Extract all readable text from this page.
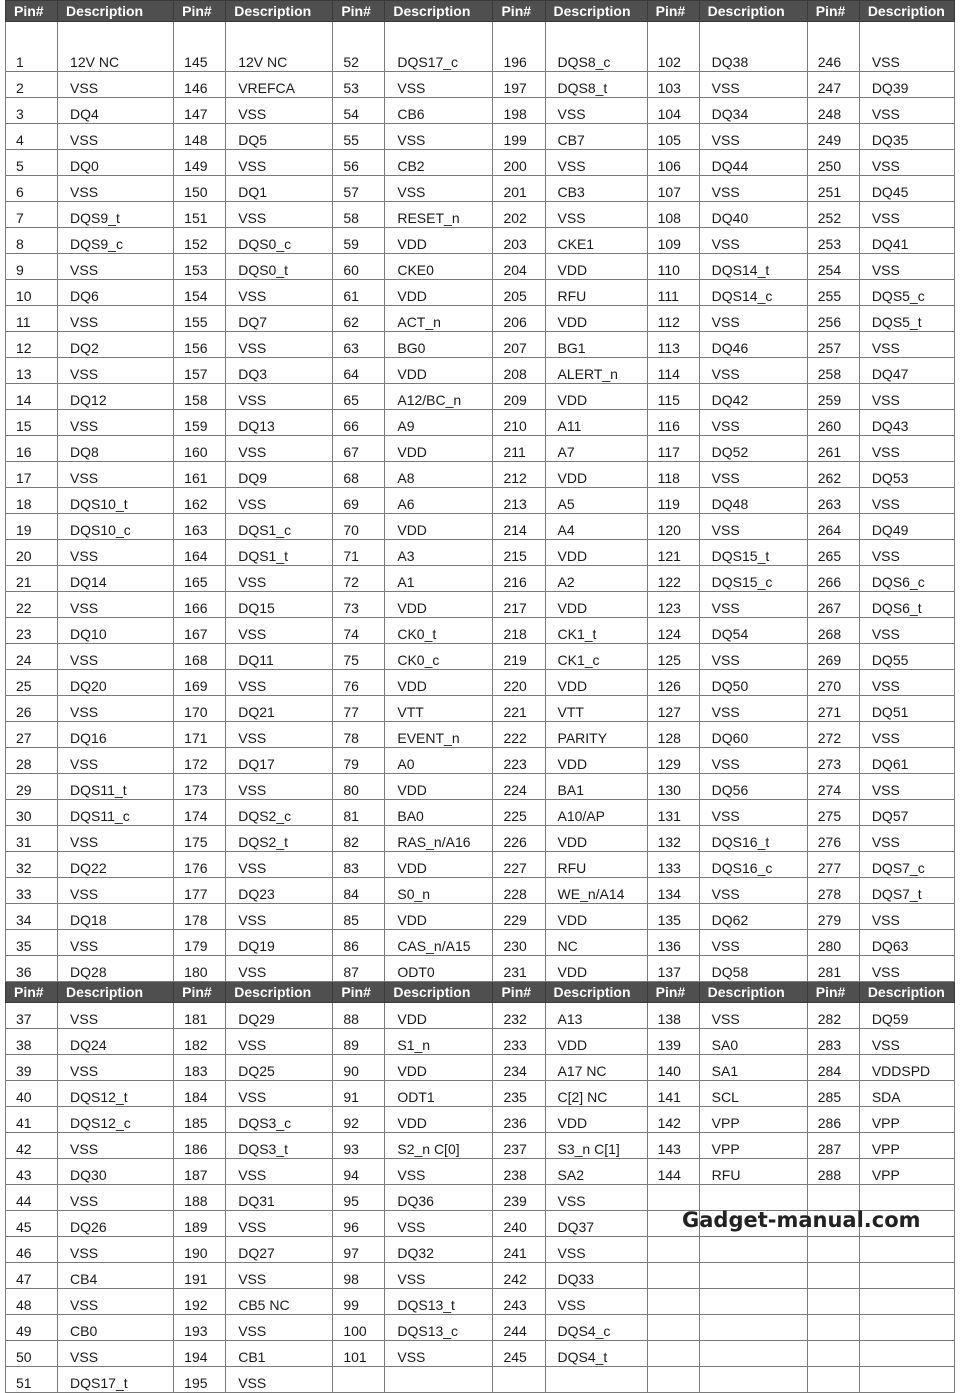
Pin#	Description	Pin#	Description	Pin#	Description	Pin#	Description	Pin#	Description	Pin#	Description
1	12V NC	145	12V NC	52	DQS17_c	196	DQS8_c	102	DQ38	246	VSS
2	VSS	146	VREFCA	53	VSS	197	DQS8_t	103	VSS	247	DQ39
3	DQ4	147	VSS	54	CB6	198	VSS	104	DQ34	248	VSS
4	VSS	148	DQ5	55	VSS	199	CB7	105	VSS	249	DQ35
5	DQ0	149	VSS	56	CB2	200	VSS	106	DQ44	250	VSS
6	VSS	150	DQ1	57	VSS	201	CB3	107	VSS	251	DQ45
7	DQS9_t	151	VSS	58	RESET_n	202	VSS	108	DQ40	252	VSS
8	DQS9_c	152	DQS0_c	59	VDD	203	CKE1	109	VSS	253	DQ41
9	VSS	153	DQS0_t	60	CKE0	204	VDD	110	DQS14_t	254	VSS
10	DQ6	154	VSS	61	VDD	205	RFU	111	DQS14_c	255	DQS5_c
11	VSS	155	DQ7	62	ACT_n	206	VDD	112	VSS	256	DQS5_t
12	DQ2	156	VSS	63	BG0	207	BG1	113	DQ46	257	VSS
13	VSS	157	DQ3	64	VDD	208	ALERT_n	114	VSS	258	DQ47
14	DQ12	158	VSS	65	A12/BC_n	209	VDD	115	DQ42	259	VSS
15	VSS	159	DQ13	66	A9	210	A11	116	VSS	260	DQ43
16	DQ8	160	VSS	67	VDD	211	A7	117	DQ52	261	VSS
17	VSS	161	DQ9	68	A8	212	VDD	118	VSS	262	DQ53
18	DQS10_t	162	VSS	69	A6	213	A5	119	DQ48	263	VSS
19	DQS10_c	163	DQS1_c	70	VDD	214	A4	120	VSS	264	DQ49
20	VSS	164	DQS1_t	71	A3	215	VDD	121	DQS15_t	265	VSS
21	DQ14	165	VSS	72	A1	216	A2	122	DQS15_c	266	DQS6_c
22	VSS	166	DQ15	73	VDD	217	VDD	123	VSS	267	DQS6_t
23	DQ10	167	VSS	74	CK0_t	218	CK1_t	124	DQ54	268	VSS
24	VSS	168	DQ11	75	CK0_c	219	CK1_c	125	VSS	269	DQ55
25	DQ20	169	VSS	76	VDD	220	VDD	126	DQ50	270	VSS
26	VSS	170	DQ21	77	VTT	221	VTT	127	VSS	271	DQ51
27	DQ16	171	VSS	78	EVENT_n	222	PARITY	128	DQ60	272	VSS
28	VSS	172	DQ17	79	A0	223	VDD	129	VSS	273	DQ61
29	DQS11_t	173	VSS	80	VDD	224	BA1	130	DQ56	274	VSS
30	DQS11_c	174	DQS2_c	81	BA0	225	A10/AP	131	VSS	275	DQ57
31	VSS	175	DQS2_t	82	RAS_n/A16	226	VDD	132	DQS16_t	276	VSS
32	DQ22	176	VSS	83	VDD	227	RFU	133	DQS16_c	277	DQS7_c
33	VSS	177	DQ23	84	S0_n	228	WE_n/A14	134	VSS	278	DQS7_t
34	DQ18	178	VSS	85	VDD	229	VDD	135	DQ62	279	VSS
35	VSS	179	DQ19	86	CAS_n/A15	230	NC	136	VSS	280	DQ63
36	DQ28	180	VSS	87	ODT0	231	VDD	137	DQ58	281	VSS
Pin#	Description	Pin#	Description	Pin#	Description	Pin#	Description	Pin#	Description	Pin#	Description
37	VSS	181	DQ29	88	VDD	232	A13	138	VSS	282	DQ59
38	DQ24	182	VSS	89	S1_n	233	VDD	139	SA0	283	VSS
39	VSS	183	DQ25	90	VDD	234	A17 NC	140	SA1	284	VDDSPD
40	DQS12_t	184	VSS	91	ODT1	235	C[2] NC	141	SCL	285	SDA
41	DQS12_c	185	DQS3_c	92	VDD	236	VDD	142	VPP	286	VPP
42	VSS	186	DQS3_t	93	S2_n C[0]	237	S3_n C[1]	143	VPP	287	VPP
43	DQ30	187	VSS	94	VSS	238	SA2	144	RFU	288	VPP
44	VSS	188	DQ31	95	DQ36	239	VSS				
45	DQ26	189	VSS	96	VSS	240	DQ37				
46	VSS	190	DQ27	97	DQ32	241	VSS				
47	CB4	191	VSS	98	VSS	242	DQ33				
48	VSS	192	CB5 NC	99	DQS13_t	243	VSS				
49	CB0	193	VSS	100	DQS13_c	244	DQS4_c				
50	VSS	194	CB1	101	VSS	245	DQS4_t				
51	DQS17_t	195	VSS								
Gadget-manual.com
